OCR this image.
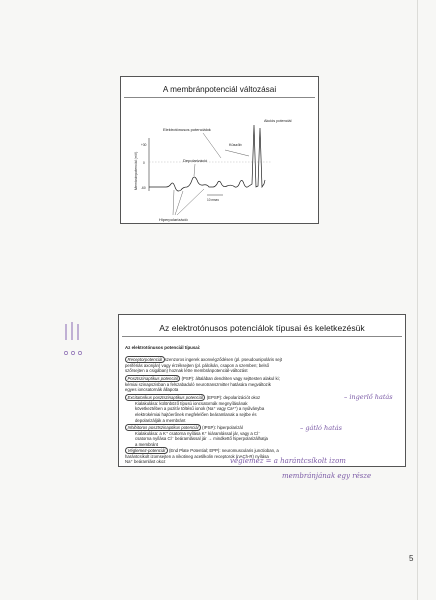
A membránpotenciál változásai
Membránpotenciál (mV)
+30
0
-60
10 msec
Elektrotónusos potenciálok
Akciós potenciál
Küszöb
Depolarizáció
Hiperpolarizáció
Az elektrotónusos potenciálok típusai és keletkezésük
Az elektrotónusos potenciál típusai:
Receptorpotenciál szenzoros ingerek axonvégződésen (pl. pseudounipoláris sejt
perifériás axonján) vagy érzéksejten (pl. pálcikán, csapon a szemben; belső
szőrsejten a csigában) hoznak létre membránpotenciál-változást
Posztszinaptikus potenciál (PSP): általában dendriten vagy sejttesten alakul ki;
kémiai szinapszisban a felszabaduló neurotranszmitter hatására megváltozik
egyes ioncsatornák állapota
Excitatorikus posztszinaptikus potenciál (EPSP): depolarizációt okoz
Kialakulása: különböző típusú ioncsatornák megnyílásának
következtében a pozitív töltésű ionok (Na⁺ vagy Ca²⁺) a nyúlványba
elektrokémiai hajtóerőnek megfelelően beáramlanak a sejtbe és
depolarizálják a membránt
Inhibitoros posztszinaptikus potenciál (IPSP): hiperpolarizál
Kialakulása: a K⁺ csatorna nyílása K⁺ kiáramlással jár, vagy a Cl⁻
csatorna nyílása Cl⁻ beáramlással jár → mindkettő hiperpolarizálhatja
a membránt
Véglemez-potenciál (End Plate Potential; EPP): neuromuscularis junctioban, a
harántcsíkolt izomsejten a nikotineg acetilkolin receptorok (nACh-R) nyílása
Na⁺ beáramlást okoz
– ingerlő hatás
– gátló hatás
véglemez = a harántcsíkolt izom
membránjának egy része
5
